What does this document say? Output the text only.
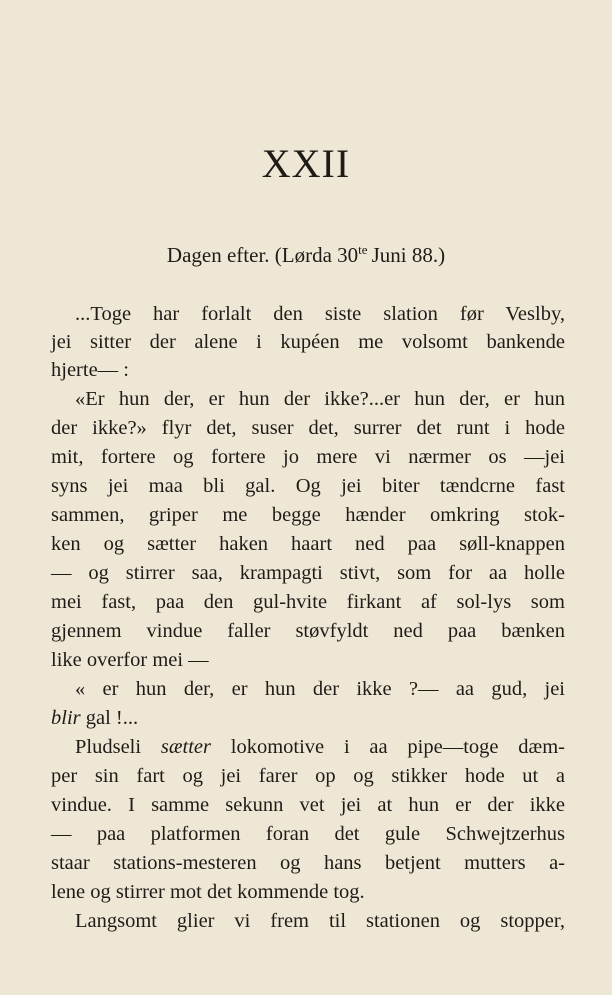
XXII
Dagen efter. (Lørda $30^{te}$ Juni 88.)
...Toge har forlalt den siste slation før Veslby,
jei sitter der alene i kupéen me volsomt bankende
hjerte— :
«Er hun der, er hun der ikke?...er hun der, er hun
der ikke?» flyr det, suser det, surrer det runt i hode
mit, fortere og fortere jo mere vi nærmer os —jei
syns jei maa bli gal. Og jei biter tændcrne fast
sammen, griper me begge hænder omkring stok-
ken og sætter haken haart ned paa søll-knappen
— og stirrer saa, krampagti stivt, som for aa holle
mei fast, paa den gul-hvite firkant af sol-lys som
gjennem vindue faller støvfyldt ned paa bænken
like overfor mei —
« er hun der, er hun der ikke ?— aa gud, jei
blir gal !...
Pludseli sætter lokomotive i aa pipe—toge dæm-
per sin fart og jei farer op og stikker hode ut a
vindue. I samme sekunn vet jei at hun er der ikke
— paa platformen foran det gule Schwejtzerhus
staar stations-mesteren og hans betjent mutters a-
lene og stirrer mot det kommende tog.
Langsomt glier vi frem til stationen og stopper,
